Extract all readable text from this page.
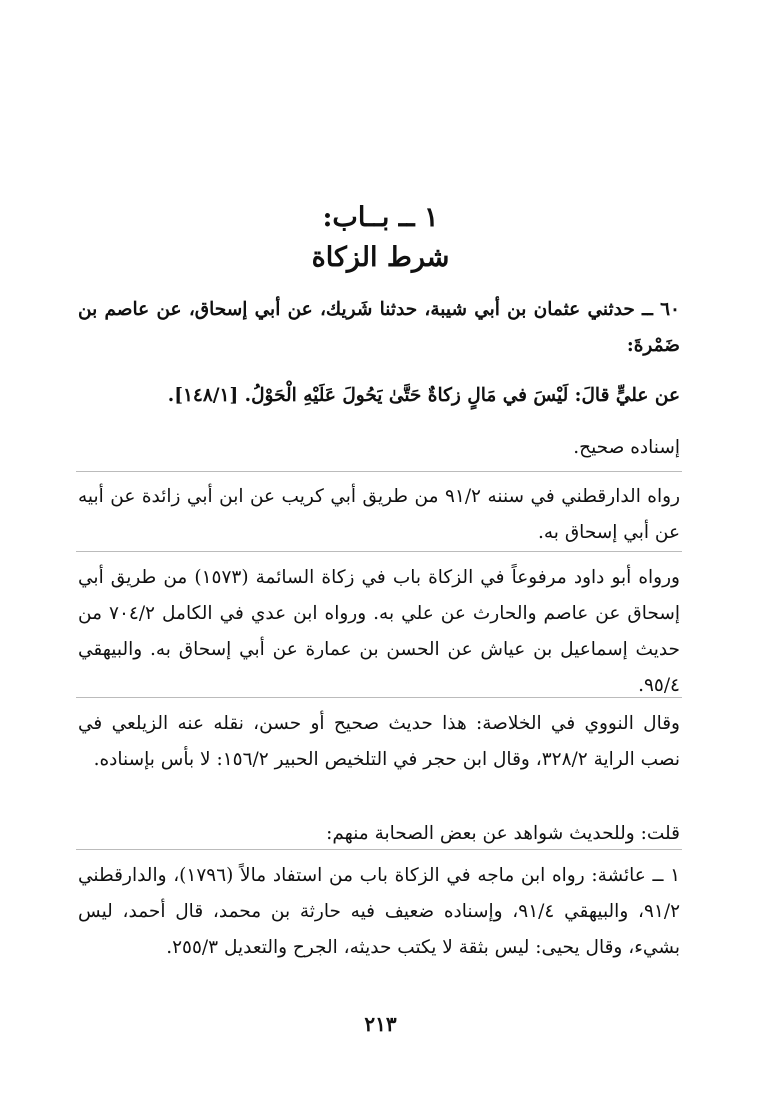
١ ــ بــاب:
شرط الزكاة

٦٠ ــ حدثني عثمان بن أبي شيبة، حدثنا شَريك، عن أبي إسحاق، عن عاصم بن ضَمْرةَ:

عن عليٍّ قالَ: لَيْسَ في مَالٍ زكاةٌ حَتَّىٰ يَحُولَ عَلَيْهِ الْحَوْلُ. [١٤٨/١].

إسناده صحيح.

رواه الدارقطني في سننه ٩١/٢ من طريق أبي كريب عن ابن أبي زائدة عن أبيه عن أبي إسحاق به.

ورواه أبو داود مرفوعاً في الزكاة باب في زكاة السائمة (١٥٧٣) من طريق أبي إسحاق عن عاصم والحارث عن علي به. ورواه ابن عدي في الكامل ٧٠٤/٢ من حديث إسماعيل بن عياش عن الحسن بن عمارة عن أبي إسحاق به. والبيهقي ٩٥/٤.

وقال النووي في الخلاصة: هذا حديث صحيح أو حسن، نقله عنه الزيلعي في نصب الراية ٣٢٨/٢، وقال ابن حجر في التلخيص الحبير ١٥٦/٢: لا بأس بإسناده.

قلت: وللحديث شواهد عن بعض الصحابة منهم:

١ ــ عائشة: رواه ابن ماجه في الزكاة باب من استفاد مالاً (١٧٩٦)، والدارقطني ٩١/٢، والبيهقي ٩١/٤، وإسناده ضعيف فيه حارثة بن محمد، قال أحمد، ليس بشيء، وقال يحيى: ليس بثقة لا يكتب حديثه، الجرح والتعديل ٢٥٥/٣.

٢١٣
